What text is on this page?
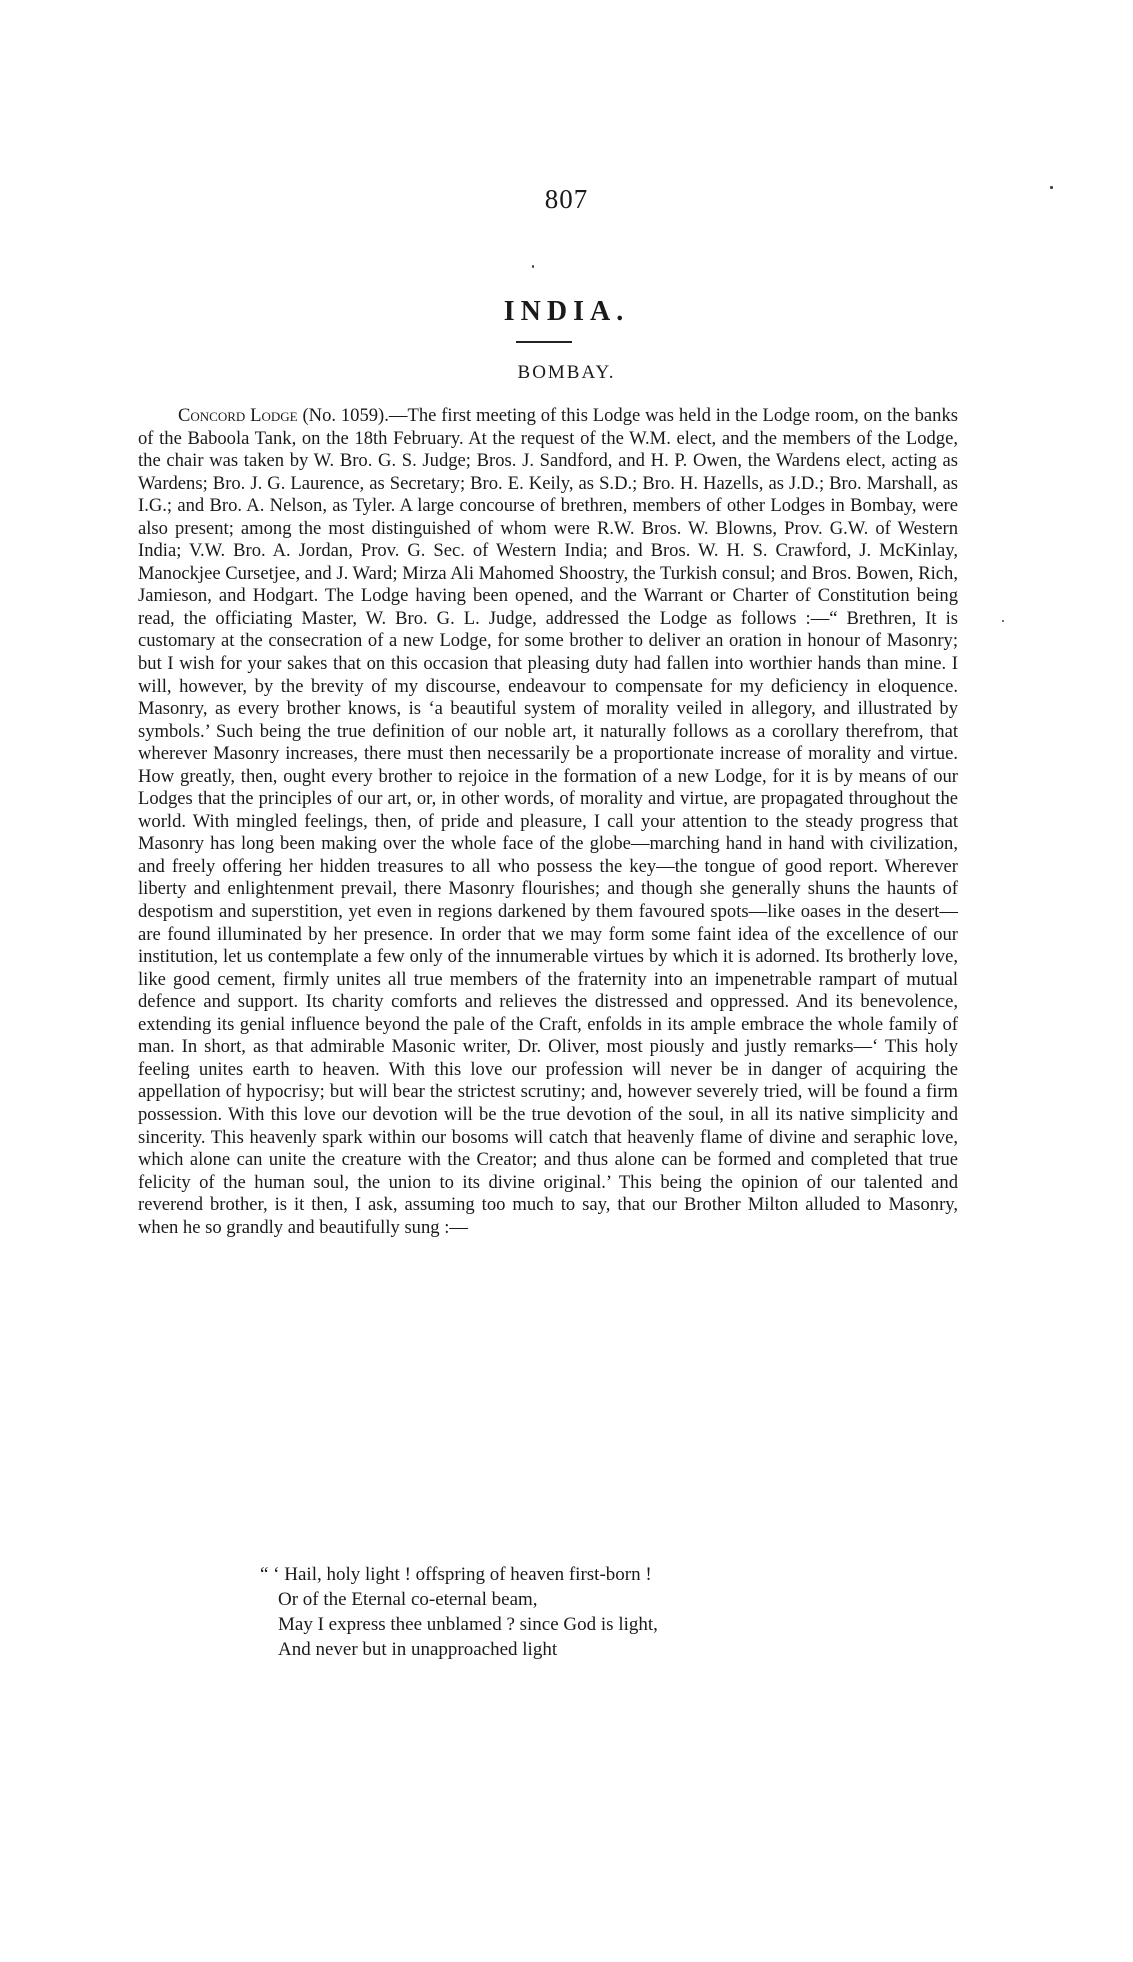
807
INDIA.
BOMBAY.

Concord Lodge (No. 1059).—The first meeting of this Lodge was held in the Lodge room, on the banks of the Baboola Tank, on the 18th February. At the request of the W.M. elect, and the members of the Lodge, the chair was taken by W. Bro. G. S. Judge; Bros. J. Sandford, and H. P. Owen, the Wardens elect, acting as Wardens; Bro. J. G. Laurence, as Secretary; Bro. E. Keily, as S.D.; Bro. H. Hazells, as J.D.; Bro. Marshall, as I.G.; and Bro. A. Nelson, as Tyler. A large concourse of brethren, members of other Lodges in Bombay, were also present; among the most distinguished of whom were R.W. Bros. W. Blowns, Prov. G.W. of Western India; V.W. Bro. A. Jordan, Prov. G. Sec. of Western India; and Bros. W. H. S. Crawford, J. McKinlay, Manockjee Cursetjee, and J. Ward; Mirza Ali Mahomed Shoostry, the Turkish consul; and Bros. Bowen, Rich, Jamieson, and Hodgart. The Lodge having been opened, and the Warrant or Charter of Constitution being read, the officiating Master, W. Bro. G. L. Judge, addressed the Lodge as follows :—“ Brethren, It is customary at the consecration of a new Lodge, for some brother to deliver an oration in honour of Masonry; but I wish for your sakes that on this occasion that pleasing duty had fallen into worthier hands than mine. I will, however, by the brevity of my discourse, endeavour to compensate for my deficiency in eloquence. Masonry, as every brother knows, is ‘a beautiful system of morality veiled in allegory, and illustrated by symbols.’ Such being the true definition of our noble art, it naturally follows as a corollary therefrom, that wherever Masonry increases, there must then necessarily be a proportionate increase of morality and virtue. How greatly, then, ought every brother to rejoice in the formation of a new Lodge, for it is by means of our Lodges that the principles of our art, or, in other words, of morality and virtue, are propagated throughout the world. With mingled feelings, then, of pride and pleasure, I call your attention to the steady progress that Masonry has long been making over the whole face of the globe—marching hand in hand with civilization, and freely offering her hidden treasures to all who possess the key—the tongue of good report. Wherever liberty and enlightenment prevail, there Masonry flourishes; and though she generally shuns the haunts of despotism and superstition, yet even in regions darkened by them favoured spots—like oases in the desert—are found illuminated by her presence. In order that we may form some faint idea of the excellence of our institution, let us contemplate a few only of the innumerable virtues by which it is adorned. Its brotherly love, like good cement, firmly unites all true members of the fraternity into an impenetrable rampart of mutual defence and support. Its charity comforts and relieves the distressed and oppressed. And its benevolence, extending its genial influence beyond the pale of the Craft, enfolds in its ample embrace the whole family of man. In short, as that admirable Masonic writer, Dr. Oliver, most piously and justly remarks—‘ This holy feeling unites earth to heaven. With this love our profession will never be in danger of acquiring the appellation of hypocrisy; but will bear the strictest scrutiny; and, however severely tried, will be found a firm possession. With this love our devotion will be the true devotion of the soul, in all its native simplicity and sincerity. This heavenly spark within our bosoms will catch that heavenly flame of divine and seraphic love, which alone can unite the creature with the Creator; and thus alone can be formed and completed that true felicity of the human soul, the union to its divine original.’ This being the opinion of our talented and reverend brother, is it then, I ask, assuming too much to say, that our Brother Milton alluded to Masonry, when he so grandly and beautifully sung :—

“ ‘ Hail, holy light ! offspring of heaven first-born !
Or of the Eternal co-eternal beam,
May I express thee unblamed ? since God is light,
And never but in unapproached light
